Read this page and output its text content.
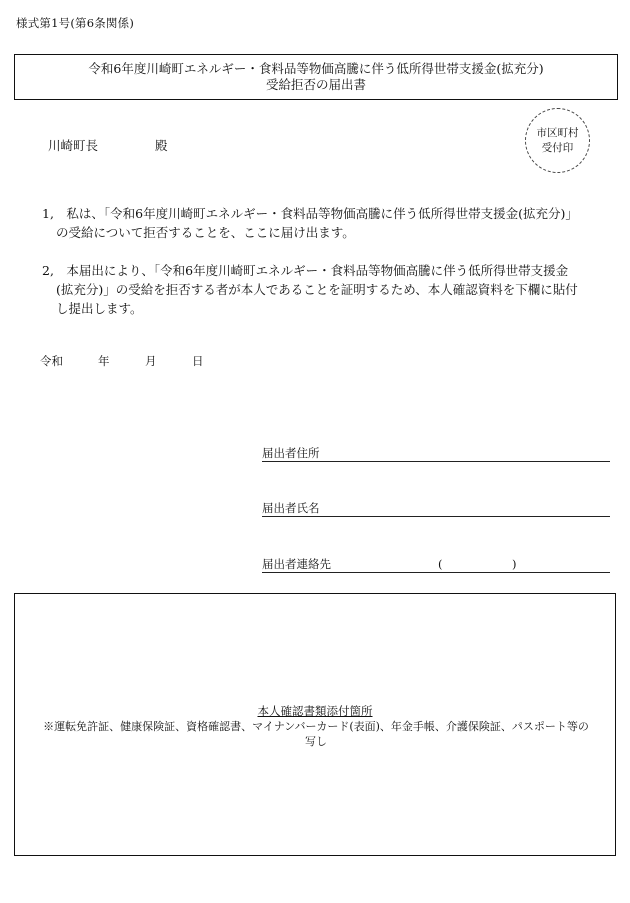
様式第1号(第6条関係)
令和6年度川崎町エネルギー・食料品等物価高騰に伴う低所得世帯支援金(拡充分)
受給拒否の届出書
川崎町長	殿
市区町村
受付印
1,　私は、「令和6年度川崎町エネルギー・食料品等物価高騰に伴う低所得世帯支援金(拡充分)」
の受給について拒否することを、ここに届け出ます。
2,　本届出により、「令和6年度川崎町エネルギー・食料品等物価高騰に伴う低所得世帯支援金
(拡充分)」の受給を拒否する者が本人であることを証明するため、本人確認資料を下欄に貼付
し提出します。
令和	年	月	日
届出者住所
届出者氏名
届出者連絡先	(	)
本人確認書類添付箇所
※運転免許証、健康保険証、資格確認書、マイナンバーカード(表面)、年金手帳、介護保険証、パスポート等の
写し
